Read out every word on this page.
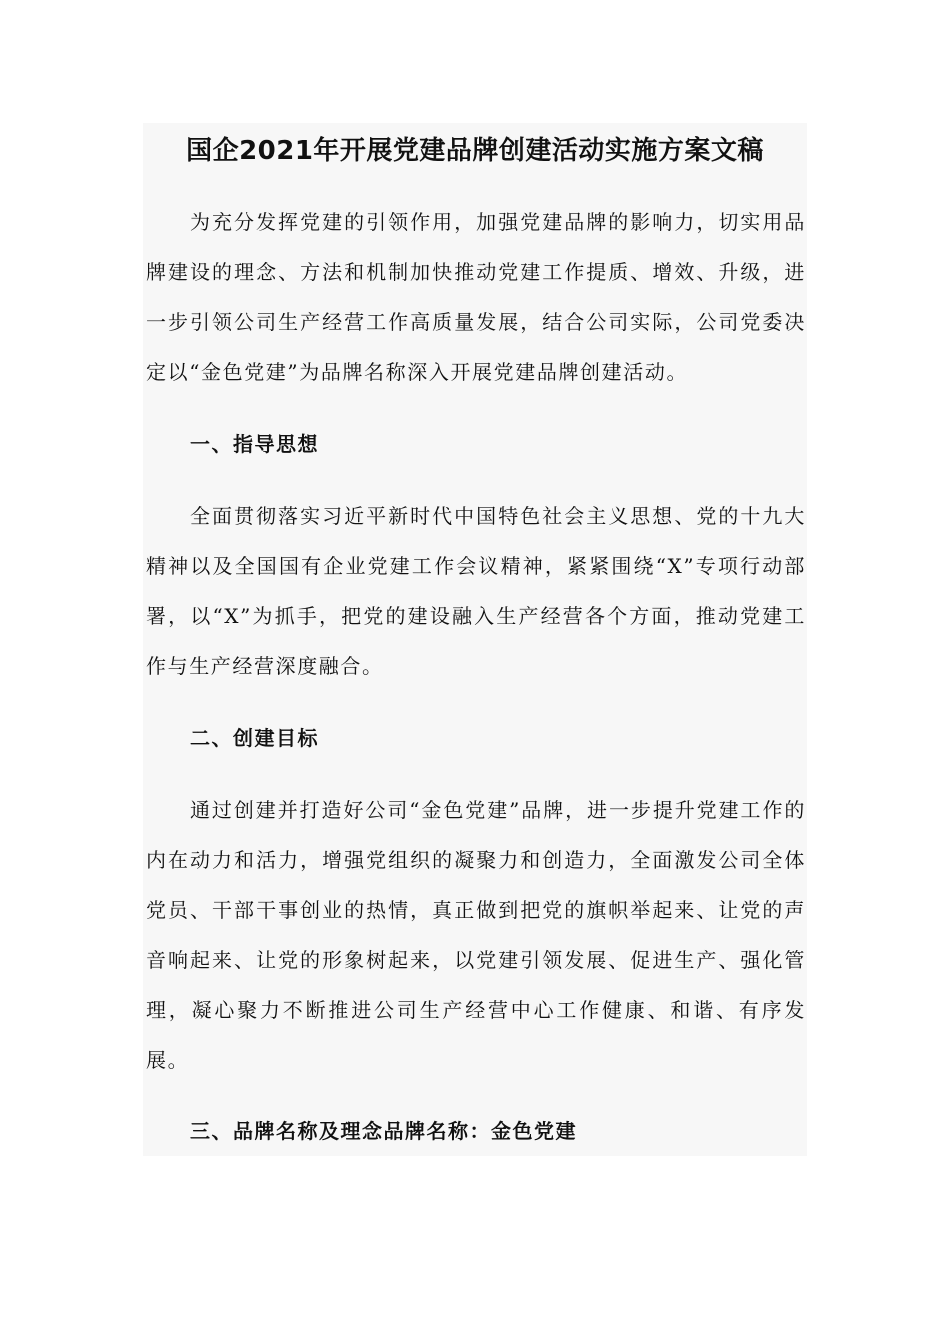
国企2021年开展党建品牌创建活动实施方案文稿

为充分发挥党建的引领作用，加强党建品牌的影响力，切实用品牌建设的理念、方法和机制加快推动党建工作提质、增效、升级，进一步引领公司生产经营工作高质量发展，结合公司实际，公司党委决定以“金色党建”为品牌名称深入开展党建品牌创建活动。

一、指导思想

全面贯彻落实习近平新时代中国特色社会主义思想、党的十九大精神以及全国国有企业党建工作会议精神，紧紧围绕“X”专项行动部署，以“X”为抓手，把党的建设融入生产经营各个方面，推动党建工作与生产经营深度融合。

二、创建目标

通过创建并打造好公司“金色党建”品牌，进一步提升党建工作的内在动力和活力，增强党组织的凝聚力和创造力，全面激发公司全体党员、干部干事创业的热情，真正做到把党的旗帜举起来、让党的声音响起来、让党的形象树起来，以党建引领发展、促进生产、强化管理，凝心聚力不断推进公司生产经营中心工作健康、和谐、有序发展。

三、品牌名称及理念品牌名称：金色党建
